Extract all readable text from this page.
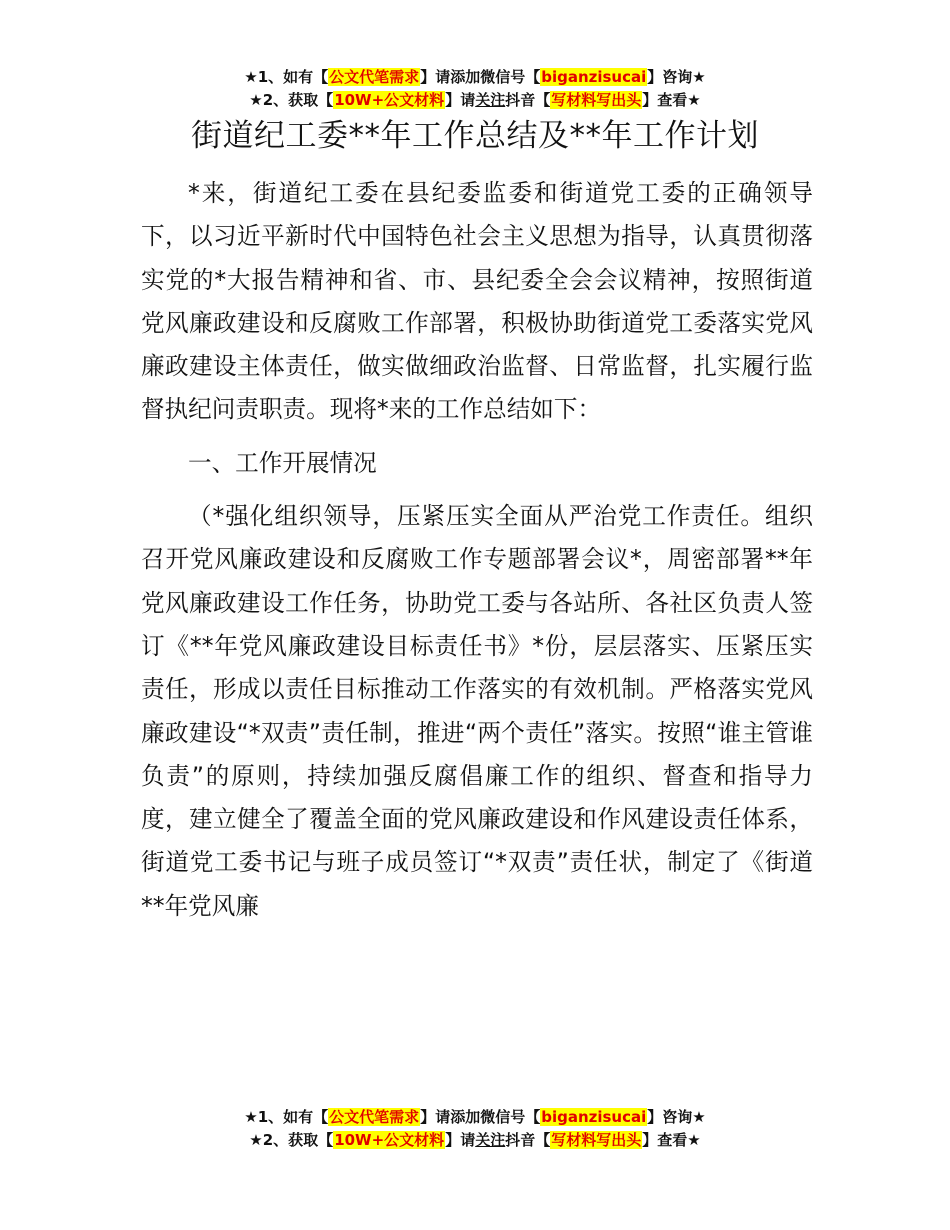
★1、如有【公文代笔需求】请添加微信号【biganzisucai】咨询★
★2、获取【10W+公文材料】请关注抖音【写材料写出头】查看★
街道纪工委**年工作总结及**年工作计划

*来，街道纪工委在县纪委监委和街道党工委的正确领导下，以习近平新时代中国特色社会主义思想为指导，认真贯彻落实党的*大报告精神和省、市、县纪委全会会议精神，按照街道党风廉政建设和反腐败工作部署，积极协助街道党工委落实党风廉政建设主体责任，做实做细政治监督、日常监督，扎实履行监督执纪问责职责。现将*来的工作总结如下：

一、工作开展情况

（*强化组织领导，压紧压实全面从严治党工作责任。组织召开党风廉政建设和反腐败工作专题部署会议*，周密部署**年党风廉政建设工作任务，协助党工委与各站所、各社区负责人签订《**年党风廉政建设目标责任书》*份，层层落实、压紧压实责任，形成以责任目标推动工作落实的有效机制。严格落实党风廉政建设“*双责”责任制，推进“两个责任”落实。按照“谁主管谁负责”的原则，持续加强反腐倡廉工作的组织、督查和指导力度，建立健全了覆盖全面的党风廉政建设和作风建设责任体系，街道党工委书记与班子成员签订“*双责”责任状，制定了《街道**年党风廉

★1、如有【公文代笔需求】请添加微信号【biganzisucai】咨询★
★2、获取【10W+公文材料】请关注抖音【写材料写出头】查看★
